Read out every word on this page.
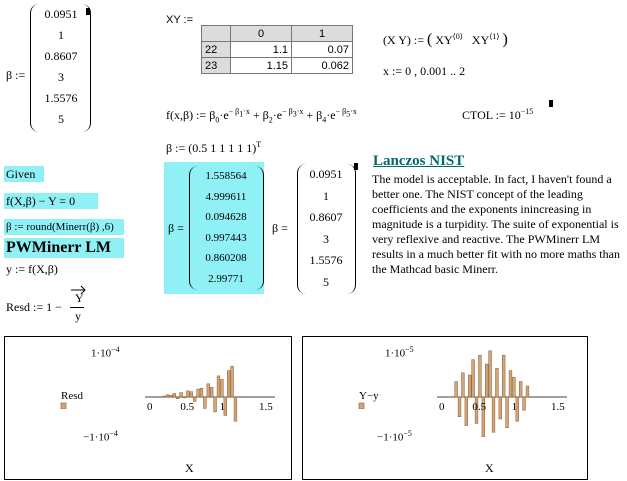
β :=
0.0951
1
0.8607
3
1.5576
5
XY :=
	0	1
22	1.1	0.07
23	1.15	0.062
(X Y) := ( $XY^{⟨0⟩}$ $XY^{⟨1⟩}$ )
x := 0 , 0.001 .. 2
f(x,β) := $\beta_0\cdot e^{- \beta_1\cdot x} + \beta_2\cdot e^{- \beta_3\cdot x} + \beta_4\cdot e^{- \beta_5\cdot x}$	CTOL := $10^{-15}$
β := (0.5 1 1 1 1 1)$^T$
Given
f(X,β) − Y = 0
β := round(Minerr(β) ,6)
PWMinerr LM
y := f(X,β)
Resd := 1 −
Y
y
β =
1.558564
4.999611
0.094628
0.997443
0.860208
2.99771
β =
0.0951
1
0.8607
3
1.5576
5
Lanczos NIST
The model is acceptable. In fact, I haven't found a better one. The NIST concept of the leading coefficients and the exponents inincreasing in magnitude is a turpidity. The suite of exponential is very reflexive and reactive. The PWMinerr LM results in a much better fit with no more maths than the Mathcad basic Minerr.
$1\cdot 10^{-4}$
$-1\cdot 10^{-4}$
Resd
X
0	0.5 1	1.5
$1\cdot 10^{-5}$
$-1\cdot 10^{-5}$
Y−y
X
0	0.5 1	1.5
